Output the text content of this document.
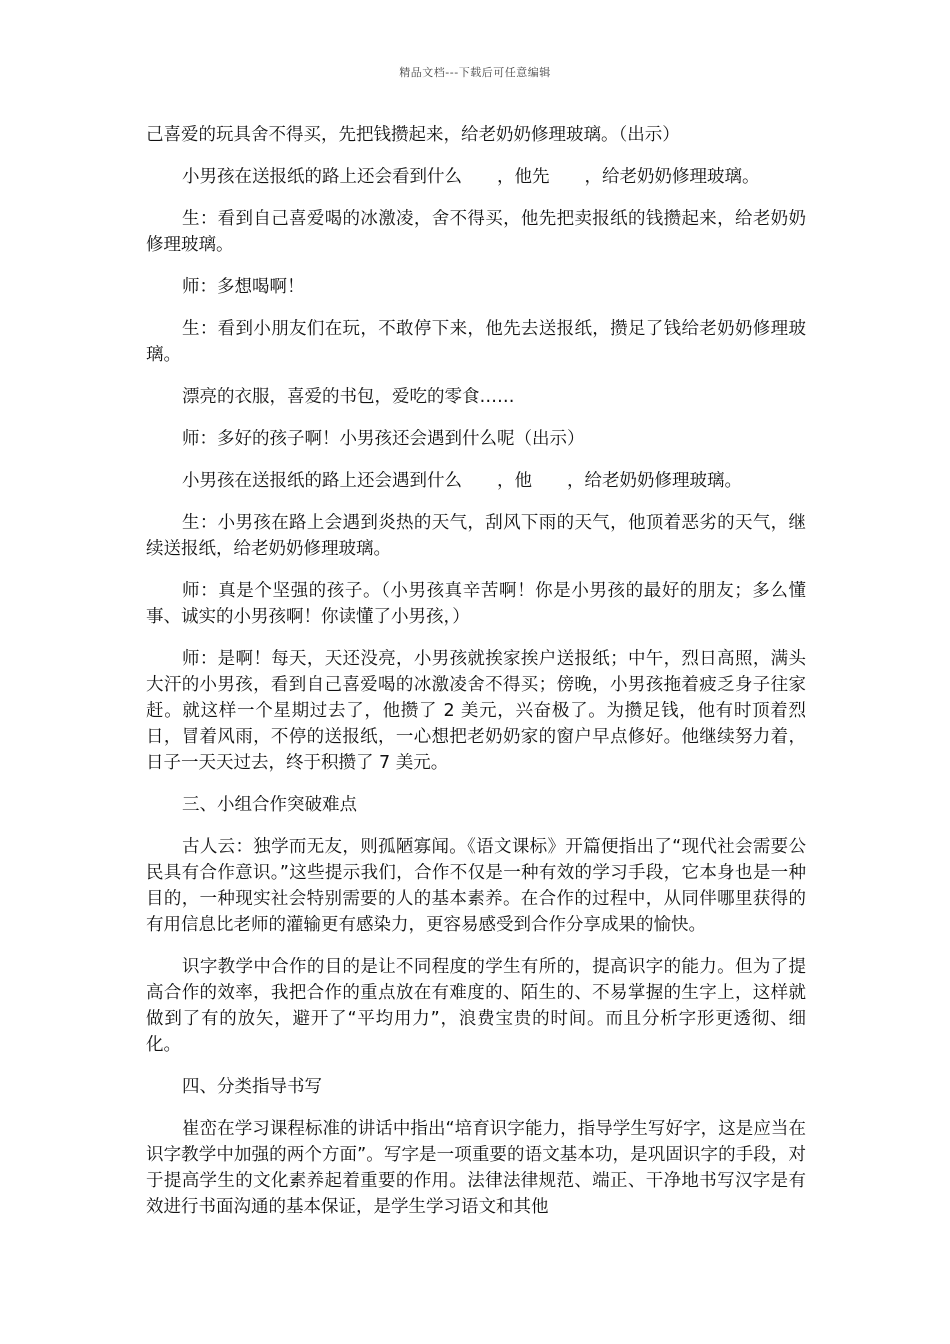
精品文档---下载后可任意编辑

己喜爱的玩具舍不得买，先把钱攒起来，给老奶奶修理玻璃。（出示）

小男孩在送报纸的路上还会看到什么　　，他先　　，给老奶奶修理玻璃。

生：看到自己喜爱喝的冰激凌，舍不得买，他先把卖报纸的钱攒起来，给老奶奶修理玻璃。

师：多想喝啊！

生：看到小朋友们在玩，不敢停下来，他先去送报纸，攒足了钱给老奶奶修理玻璃。

漂亮的衣服，喜爱的书包，爱吃的零食……

师：多好的孩子啊！小男孩还会遇到什么呢（出示）

小男孩在送报纸的路上还会遇到什么　　，他　　，给老奶奶修理玻璃。

生：小男孩在路上会遇到炎热的天气，刮风下雨的天气，他顶着恶劣的天气，继续送报纸，给老奶奶修理玻璃。

师：真是个坚强的孩子。（小男孩真辛苦啊！你是小男孩的最好的朋友；多么懂事、诚实的小男孩啊！你读懂了小男孩，）

师：是啊！每天，天还没亮，小男孩就挨家挨户送报纸；中午，烈日高照，满头大汗的小男孩，看到自己喜爱喝的冰激凌舍不得买；傍晚，小男孩拖着疲乏身子往家赶。就这样一个星期过去了，他攒了 2 美元，兴奋极了。为攒足钱，他有时顶着烈日，冒着风雨，不停的送报纸，一心想把老奶奶家的窗户早点修好。他继续努力着，日子一天天过去，终于积攒了 7 美元。

三、小组合作突破难点

古人云：独学而无友，则孤陋寡闻。《语文课标》开篇便指出了“现代社会需要公民具有合作意识。”这些提示我们，合作不仅是一种有效的学习手段，它本身也是一种目的，一种现实社会特别需要的人的基本素养。在合作的过程中，从同伴哪里获得的有用信息比老师的灌输更有感染力，更容易感受到合作分享成果的愉快。

识字教学中合作的目的是让不同程度的学生有所的，提高识字的能力。但为了提高合作的效率，我把合作的重点放在有难度的、陌生的、不易掌握的生字上，这样就做到了有的放矢，避开了“平均用力”，浪费宝贵的时间。而且分析字形更透彻、细化。

四、分类指导书写

崔峦在学习课程标准的讲话中指出“培育识字能力，指导学生写好字，这是应当在识字教学中加强的两个方面”。写字是一项重要的语文基本功，是巩固识字的手段，对于提高学生的文化素养起着重要的作用。法律法律规范、端正、干净地书写汉字是有效进行书面沟通的基本保证，是学生学习语文和其他
